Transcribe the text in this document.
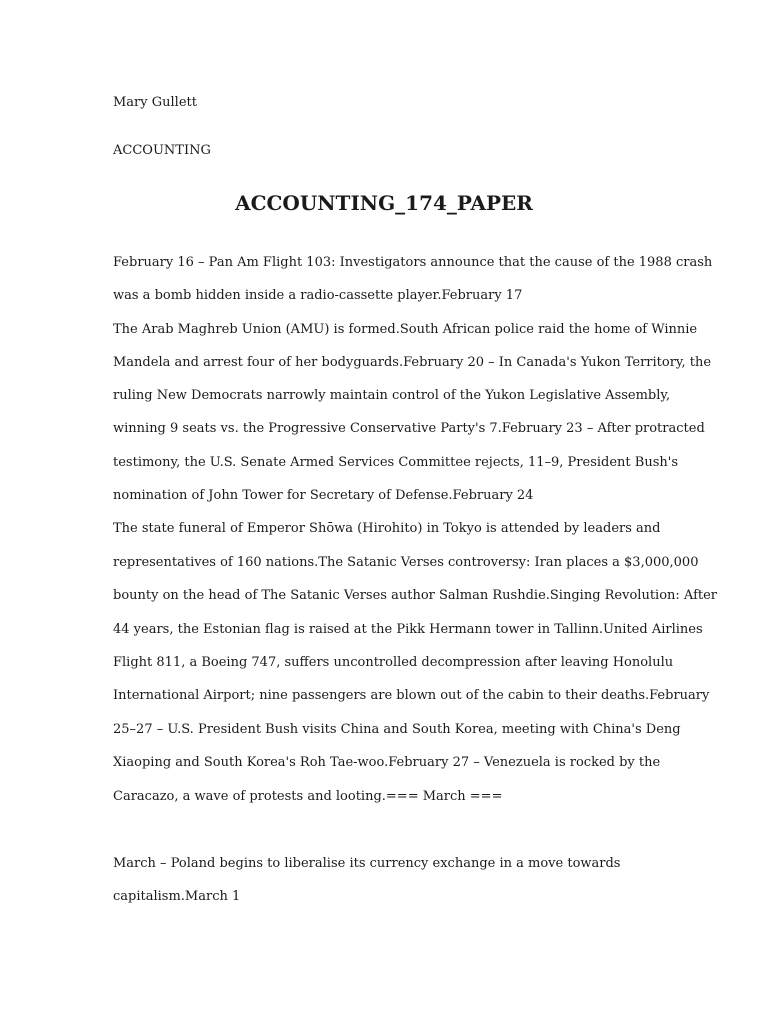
Mary Gullett

ACCOUNTING

ACCOUNTING_174_PAPER

February 16 – Pan Am Flight 103: Investigators announce that the cause of the 1988 crash

was a bomb hidden inside a radio-cassette player.February 17

The Arab Maghreb Union (AMU) is formed.South African police raid the home of Winnie

Mandela and arrest four of her bodyguards.February 20 – In Canada's Yukon Territory, the

ruling New Democrats narrowly maintain control of the Yukon Legislative Assembly,

winning 9 seats vs. the Progressive Conservative Party's 7.February 23 – After protracted

testimony, the U.S. Senate Armed Services Committee rejects, 11–9, President Bush's

nomination of John Tower for Secretary of Defense.February 24

The state funeral of Emperor Shōwa (Hirohito) in Tokyo is attended by leaders and

representatives of 160 nations.The Satanic Verses controversy: Iran places a $3,000,000

bounty on the head of The Satanic Verses author Salman Rushdie.Singing Revolution: After

44 years, the Estonian flag is raised at the Pikk Hermann tower in Tallinn.United Airlines

Flight 811, a Boeing 747, suffers uncontrolled decompression after leaving Honolulu

International Airport; nine passengers are blown out of the cabin to their deaths.February

25–27 – U.S. President Bush visits China and South Korea, meeting with China's Deng

Xiaoping and South Korea's Roh Tae-woo.February 27 – Venezuela is rocked by the

Caracazo, a wave of protests and looting.=== March ===

March – Poland begins to liberalise its currency exchange in a move towards

capitalism.March 1
